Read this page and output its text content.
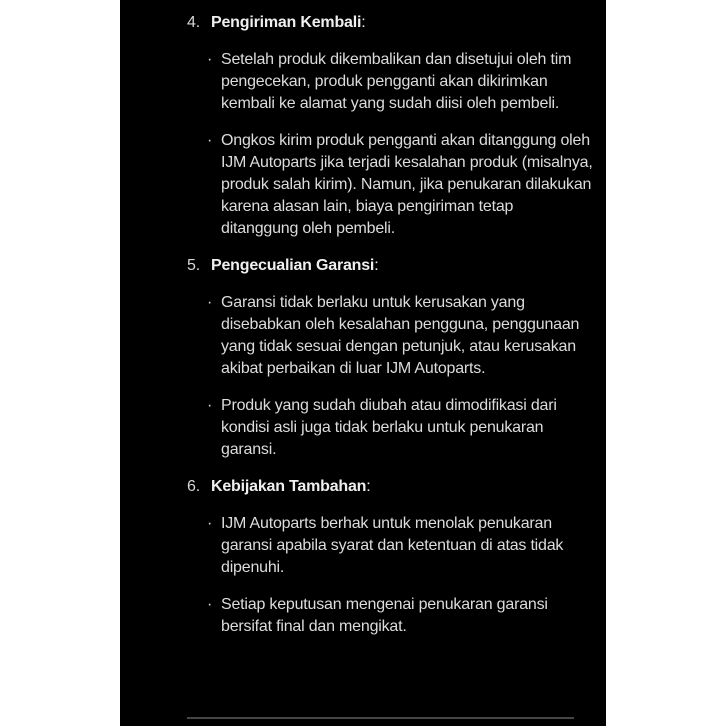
4. Pengiriman Kembali:
· Setelah produk dikembalikan dan disetujui oleh tim pengecekan, produk pengganti akan dikirimkan kembali ke alamat yang sudah diisi oleh pembeli.
· Ongkos kirim produk pengganti akan ditanggung oleh IJM Autoparts jika terjadi kesalahan produk (misalnya, produk salah kirim). Namun, jika penukaran dilakukan karena alasan lain, biaya pengiriman tetap ditanggung oleh pembeli.
5. Pengecualian Garansi:
· Garansi tidak berlaku untuk kerusakan yang disebabkan oleh kesalahan pengguna, penggunaan yang tidak sesuai dengan petunjuk, atau kerusakan akibat perbaikan di luar IJM Autoparts.
· Produk yang sudah diubah atau dimodifikasi dari kondisi asli juga tidak berlaku untuk penukaran garansi.
6. Kebijakan Tambahan:
· IJM Autoparts berhak untuk menolak penukaran garansi apabila syarat dan ketentuan di atas tidak dipenuhi.
· Setiap keputusan mengenai penukaran garansi bersifat final dan mengikat.
